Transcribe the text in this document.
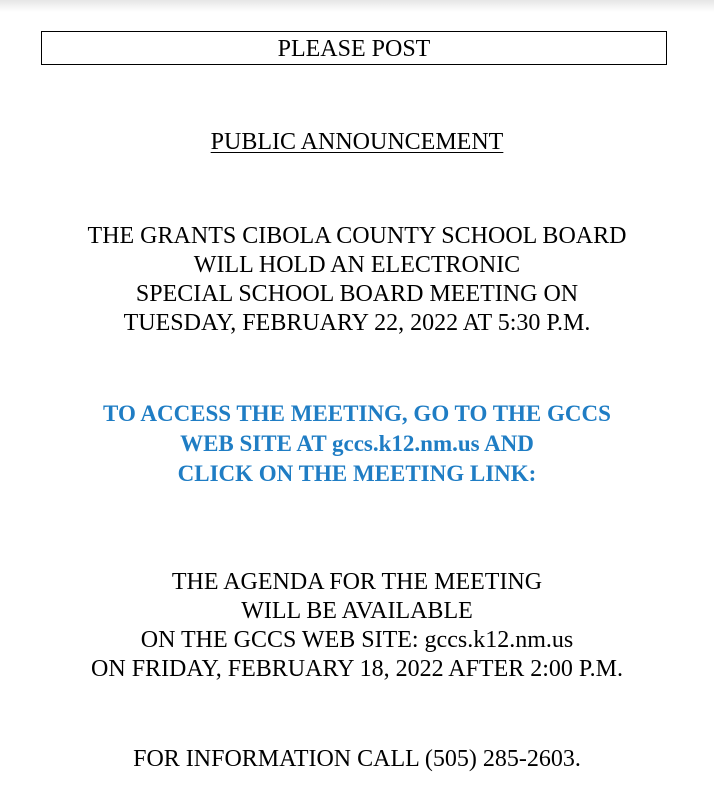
PLEASE POST
PUBLIC ANNOUNCEMENT
THE GRANTS CIBOLA COUNTY SCHOOL BOARD
WILL HOLD AN ELECTRONIC
SPECIAL SCHOOL BOARD MEETING ON
TUESDAY, FEBRUARY 22, 2022 AT 5:30 P.M.
TO ACCESS THE MEETING, GO TO THE GCCS
WEB SITE AT gccs.k12.nm.us AND
CLICK ON THE MEETING LINK:
THE AGENDA FOR THE MEETING
WILL BE AVAILABLE
ON THE GCCS WEB SITE: gccs.k12.nm.us
ON FRIDAY, FEBRUARY 18, 2022 AFTER 2:00 P.M.
FOR INFORMATION CALL (505) 285-2603.
